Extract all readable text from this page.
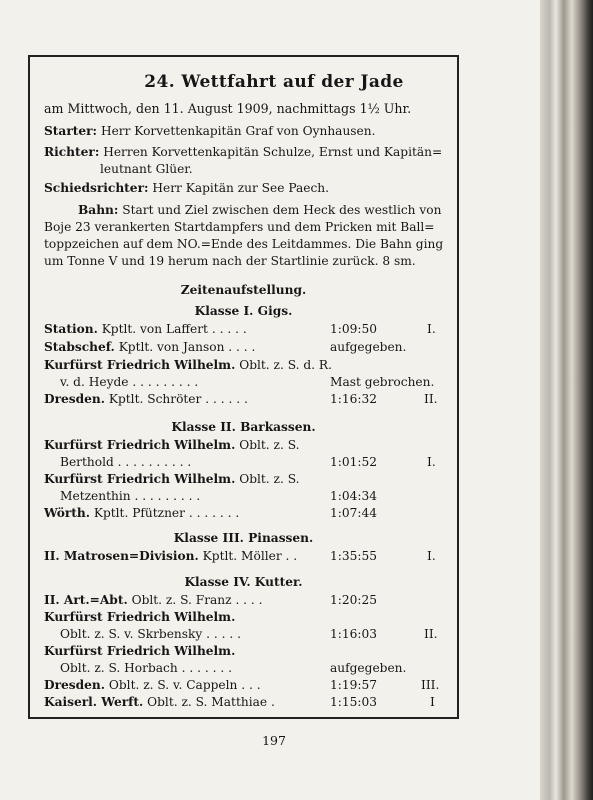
24. Wettfahrt auf der Jade
am Mittwoch, den 11. August 1909, nachmittags 1½ Uhr.
Starter: Herr Korvettenkapitän Graf von Oynhausen.
Richter: Herren Korvettenkapitän Schulze, Ernst und Kapitän=
leutnant Glüer.
Schiedsrichter: Herr Kapitän zur See Paech.
Bahn: Start und Ziel zwischen dem Heck des westlich von
Boje 23 verankerten Startdampfers und dem Pricken mit Ball=
toppzeichen auf dem NO.=Ende des Leitdammes. Die Bahn ging
um Tonne V und 19 herum nach der Startlinie zurück. 8 sm.
Zeitenaufstellung.
Klasse I. Gigs.
Station. Kptlt. von Laffert . . . . .	1:09:50	I.
Stabschef. Kptlt. von Janson . . . .	aufgegeben.
Kurfürst Friedrich Wilhelm. Oblt. z. S. d. R.
v. d. Heyde . . . . . . . . .	Mast gebrochen.
Dresden. Kptlt. Schröter . . . . . .	1:16:32	II.
Klasse II. Barkassen.
Kurfürst Friedrich Wilhelm. Oblt. z. S.
Berthold . . . . . . . . . .	1:01:52	I.
Kurfürst Friedrich Wilhelm. Oblt. z. S.
Metzenthin . . . . . . . . .	1:04:34
Wörth. Kptlt. Pfützner . . . . . . .	1:07:44
Klasse III. Pinassen.
II. Matrosen=Division. Kptlt. Möller . .	1:35:55	I.
Klasse IV. Kutter.
II. Art.=Abt. Oblt. z. S. Franz . . . .	1:20:25
Kurfürst Friedrich Wilhelm.
Oblt. z. S. v. Skrbensky . . . . .	1:16:03	II.
Kurfürst Friedrich Wilhelm.
Oblt. z. S. Horbach . . . . . . .	aufgegeben.
Dresden. Oblt. z. S. v. Cappeln . . .	1:19:57	III.
Kaiserl. Werft. Oblt. z. S. Matthiae .	1:15:03	I
197
